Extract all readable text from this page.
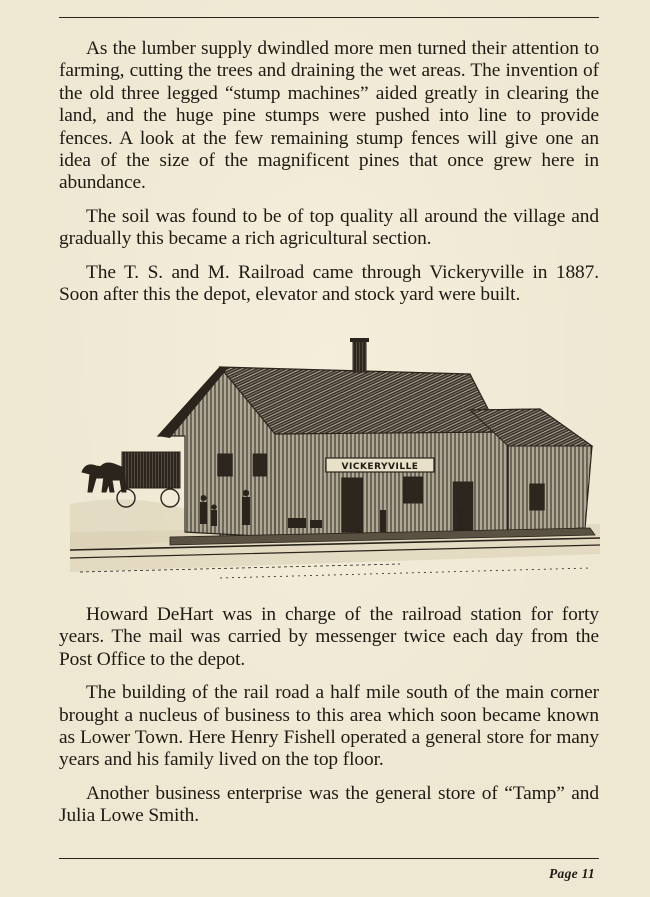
As the lumber supply dwindled more men turned their attention to farming, cutting the trees and draining the wet areas. The invention of the old three legged “stump machines” aided greatly in clearing the land, and the huge pine stumps were pushed into line to provide fences. A look at the few remaining stump fences will give one an idea of the size of the magnificent pines that once grew here in abundance.

The soil was found to be of top quality all around the village and gradually this became a rich agricultural section.

The T. S. and M. Railroad came through Vickeryville in 1887. Soon after this the depot, elevator and stock yard were built.

VICKERYVILLE

Howard DeHart was in charge of the railroad station for forty years. The mail was carried by messenger twice each day from the Post Office to the depot.

The building of the rail road a half mile south of the main corner brought a nucleus of business to this area which soon became known as Lower Town. Here Henry Fishell operated a general store for many years and his family lived on the top floor.

Another business enterprise was the general store of “Tamp” and Julia Lowe Smith.

Page 11
